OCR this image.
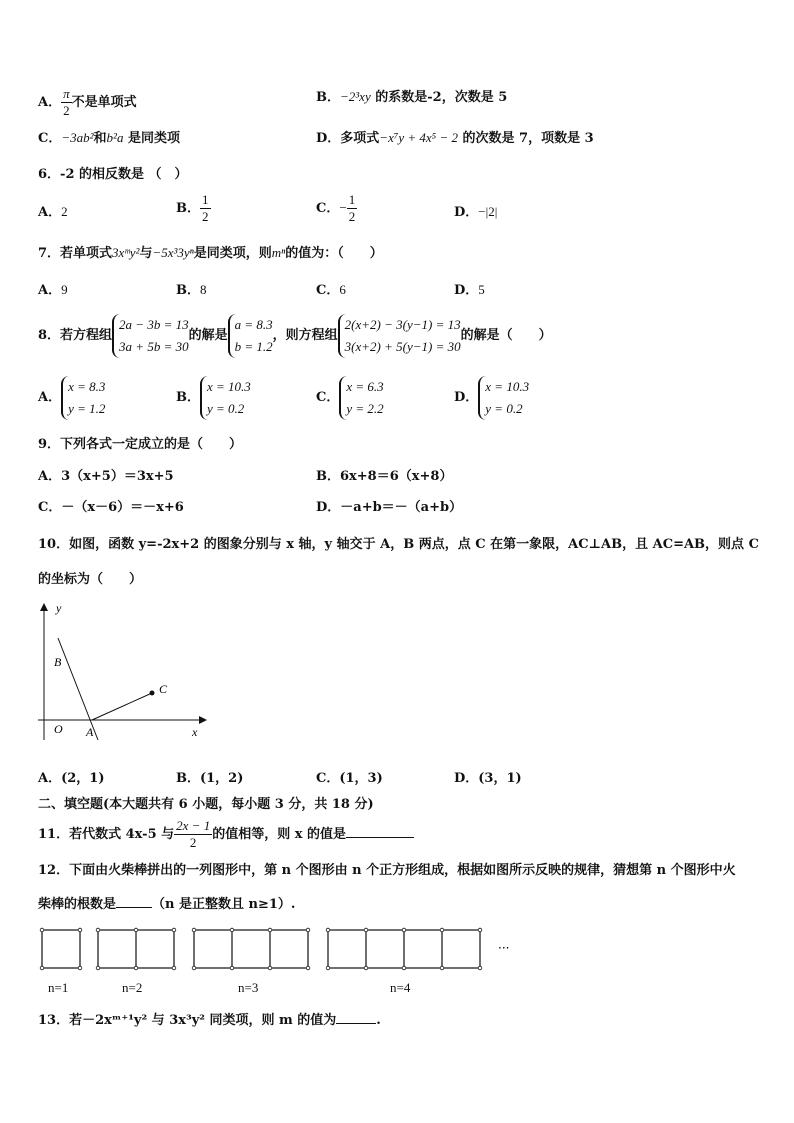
A． $\frac{\pi}{2}$ 不是单项式	B．−2³xy 的系数是-2，次数是 5
C．−3ab²和b²a 是同类项	D．多项式−x⁷y + 4x⁵ − 2 的次数是 7，项数是 3
6．-2 的相反数是 （　）
A．2	B． $\frac{1}{2}$	C．− $\frac{1}{2}$	D．−|2|
7．若单项式3xᵐy²与−5x³3yⁿ是同类项，则mⁿ的值为：（　　）
A．9	B．8	C．6	D．5
8．若方程组
2a − 3b = 13
3a + 5b = 30
的解是
a = 8.3
b = 1.2
，则方程组
2(x+2) − 3(y−1) = 13
3(x+2) + 5(y−1) = 30
的解是（　　）
A．
x = 8.3
y = 1.2
B．
x = 10.3
y = 0.2
C．
x = 6.3
y = 2.2
D．
x = 10.3
y = 0.2
9．下列各式一定成立的是（　　）
A．3（x+5）＝3x+5	B．6x+8＝6（x+8）
C．－（x－6）＝－x+6	D．－a+b＝－（a+b）
10．如图，函数 y=-2x+2 的图象分别与 x 轴，y 轴交于 A，B 两点，点 C 在第一象限，AC⊥AB，且 AC=AB，则点 C
的坐标为（　　）
y
x
O A
B
C
A．(2，1)	B．(1，2)	C．(1，3)	D．(3，1)
二、填空题(本大题共有 6 小题，每小题 3 分，共 18 分)
11．若代数式 4x-5 与 $\frac{2x - 1}{2}$ 的值相等，则 x 的值是
12．下面由火柴棒拼出的一列图形中，第 n 个图形由 n 个正方形组成，根据如图所示反映的规律，猜想第 n 个图形中火
柴棒的根数是	（n 是正整数且 n≥1）.
···
n=1	n=2	n=3	n=4
13．若－2xᵐ⁺¹y² 与 3x³y² 同类项，则 m 的值为	.
